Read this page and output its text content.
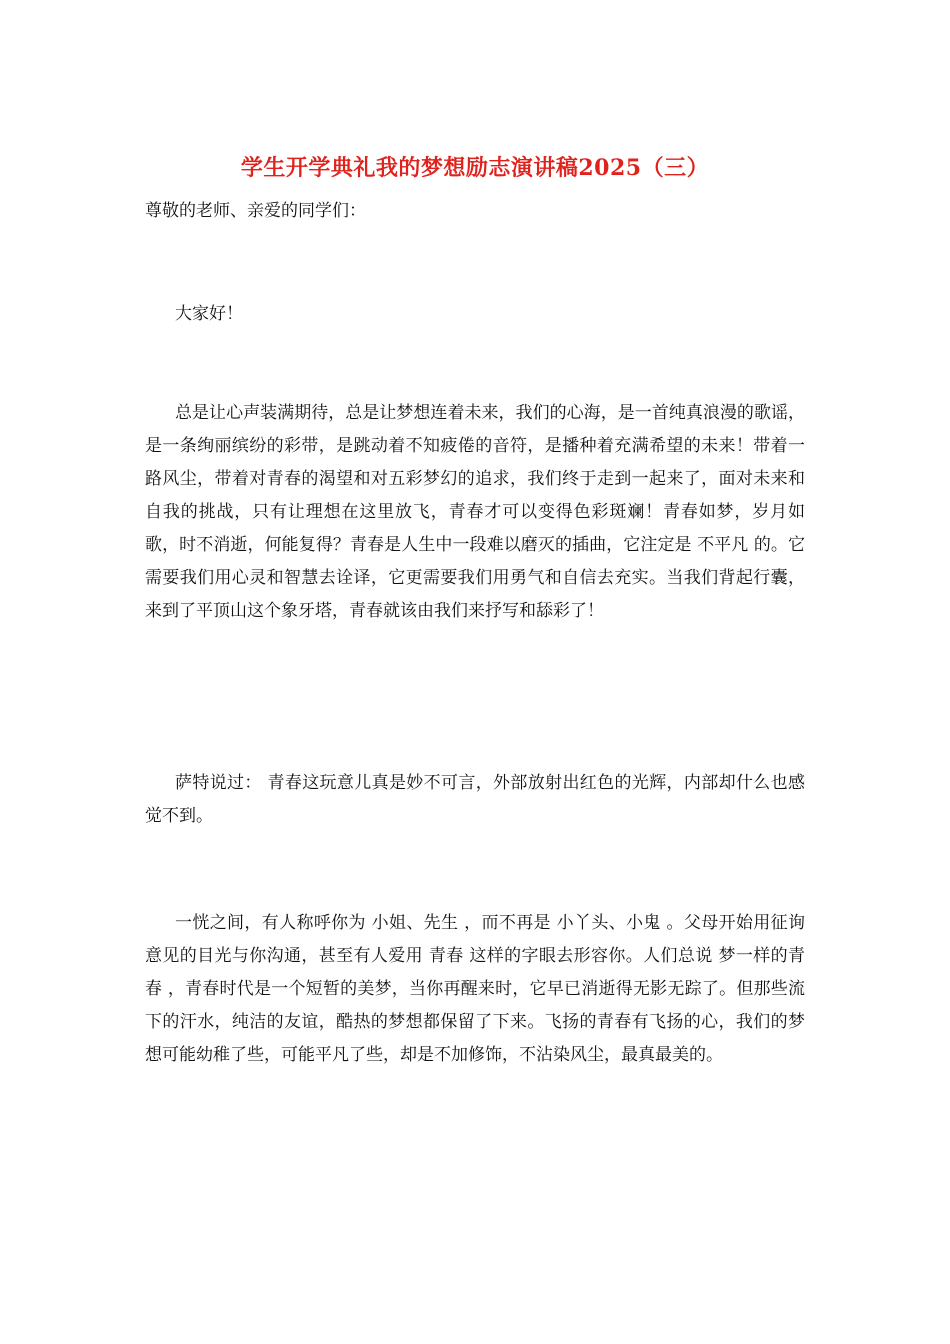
学生开学典礼我的梦想励志演讲稿2025（三）
尊敬的老师、亲爱的同学们：

大家好！

总是让心声装满期待，总是让梦想连着未来，我们的心海，是一首纯真浪漫的歌谣，是一条绚丽缤纷的彩带，是跳动着不知疲倦的音符，是播种着充满希望的未来！带着一路风尘，带着对青春的渴望和对五彩梦幻的追求，我们终于走到一起来了，面对未来和自我的挑战，只有让理想在这里放飞，青春才可以变得色彩斑斓！青春如梦，岁月如歌，时不消逝，何能复得？青春是人生中一段难以磨灭的插曲，它注定是 不平凡 的。它需要我们用心灵和智慧去诠译，它更需要我们用勇气和自信去充实。当我们背起行囊，来到了平顶山这个象牙塔，青春就该由我们来抒写和舔彩了！

萨特说过： 青春这玩意儿真是妙不可言，外部放射出红色的光辉，内部却什么也感觉不到。

一恍之间，有人称呼你为 小姐、先生 ，而不再是 小丫头、小鬼 。父母开始用征询意见的目光与你沟通，甚至有人爱用 青春 这样的字眼去形容你。人们总说 梦一样的青春 ，青春时代是一个短暂的美梦，当你再醒来时，它早已消逝得无影无踪了。但那些流下的汗水，纯洁的友谊，酷热的梦想都保留了下来。飞扬的青春有飞扬的心，我们的梦想可能幼稚了些，可能平凡了些，却是不加修饰，不沾染风尘，最真最美的。
